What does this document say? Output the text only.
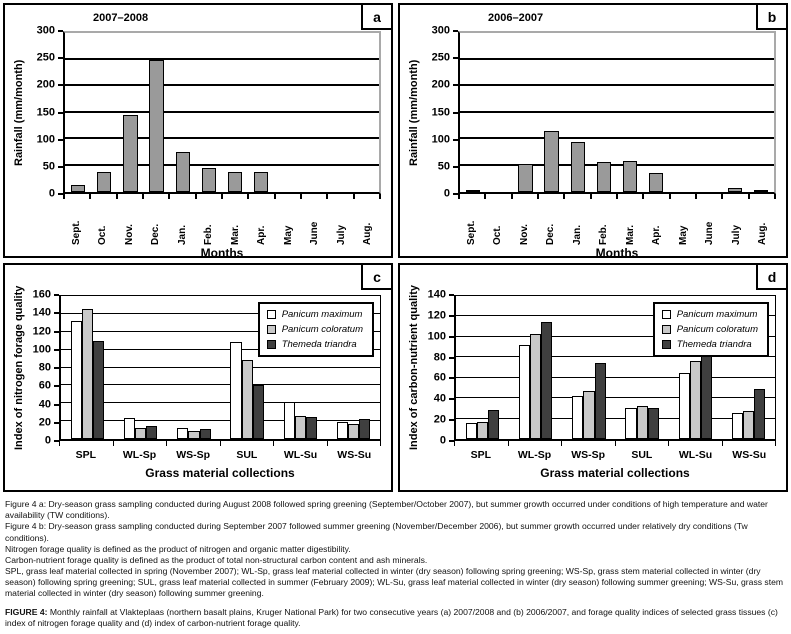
a
2007–2008
Rainfall (mm/month)
0
50
100
150
200
250
300
Sept. Oct. Nov. Dec. Jan. Feb. Mar. Apr. May June July Aug.
Months
b
2006–2007
Rainfall (mm/month)
0
50
100
150
200
250
300
Sept. Oct. Nov. Dec. Jan. Feb. Mar. Apr. May June July Aug.
Months
c
Index of nitrogen forage quality	0
20
40
60
80
100
120
140
160
Panicum maximum
Panicum coloratum
Themeda triandra
SPL	WL-Sp	WS-Sp	SUL	WL-Su	WS-Su
Grass material collections
d
Index of carbon-nutrient quality	0
20
40
60
80
100
120
140
Panicum maximum
Panicum coloratum
Themeda triandra
SPL	WL-Sp	WS-Sp	SUL	WL-Su	WS-Su
Grass material collections

Figure 4 a: Dry-season grass sampling conducted during August 2008 followed spring greening (September/October 2007), but summer growth occurred under conditions of high temperature and water availability (TW conditions).

Figure 4 b: Dry-season grass sampling conducted during September 2007 followed summer greening (November/December 2006), but summer growth occurred under relatively dry conditions (Tw conditions).

Nitrogen forage quality is defined as the product of nitrogen and organic matter digestibility.

Carbon-nutrient forage quality is defined as the product of total non-structural carbon content and ash minerals.

SPL, grass leaf material collected in spring (November 2007); WL-Sp, grass leaf material collected in winter (dry season) following spring greening; WS-Sp, grass stem material collected in winter (dry season) following spring greening; SUL, grass leaf material collected in summer (February 2009); WL-Su, grass leaf material collected in winter (dry season) following summer greening; WS-Su, grass stem material collected in winter (dry season) following summer greening.

FIGURE 4: Monthly rainfall at Vlakteplaas (northern basalt plains, Kruger National Park) for two consecutive years (a) 2007/2008 and (b) 2006/2007, and forage quality indices of selected grass tissues (c) index of nitrogen forage quality and (d) index of carbon-nutrient forage quality.
